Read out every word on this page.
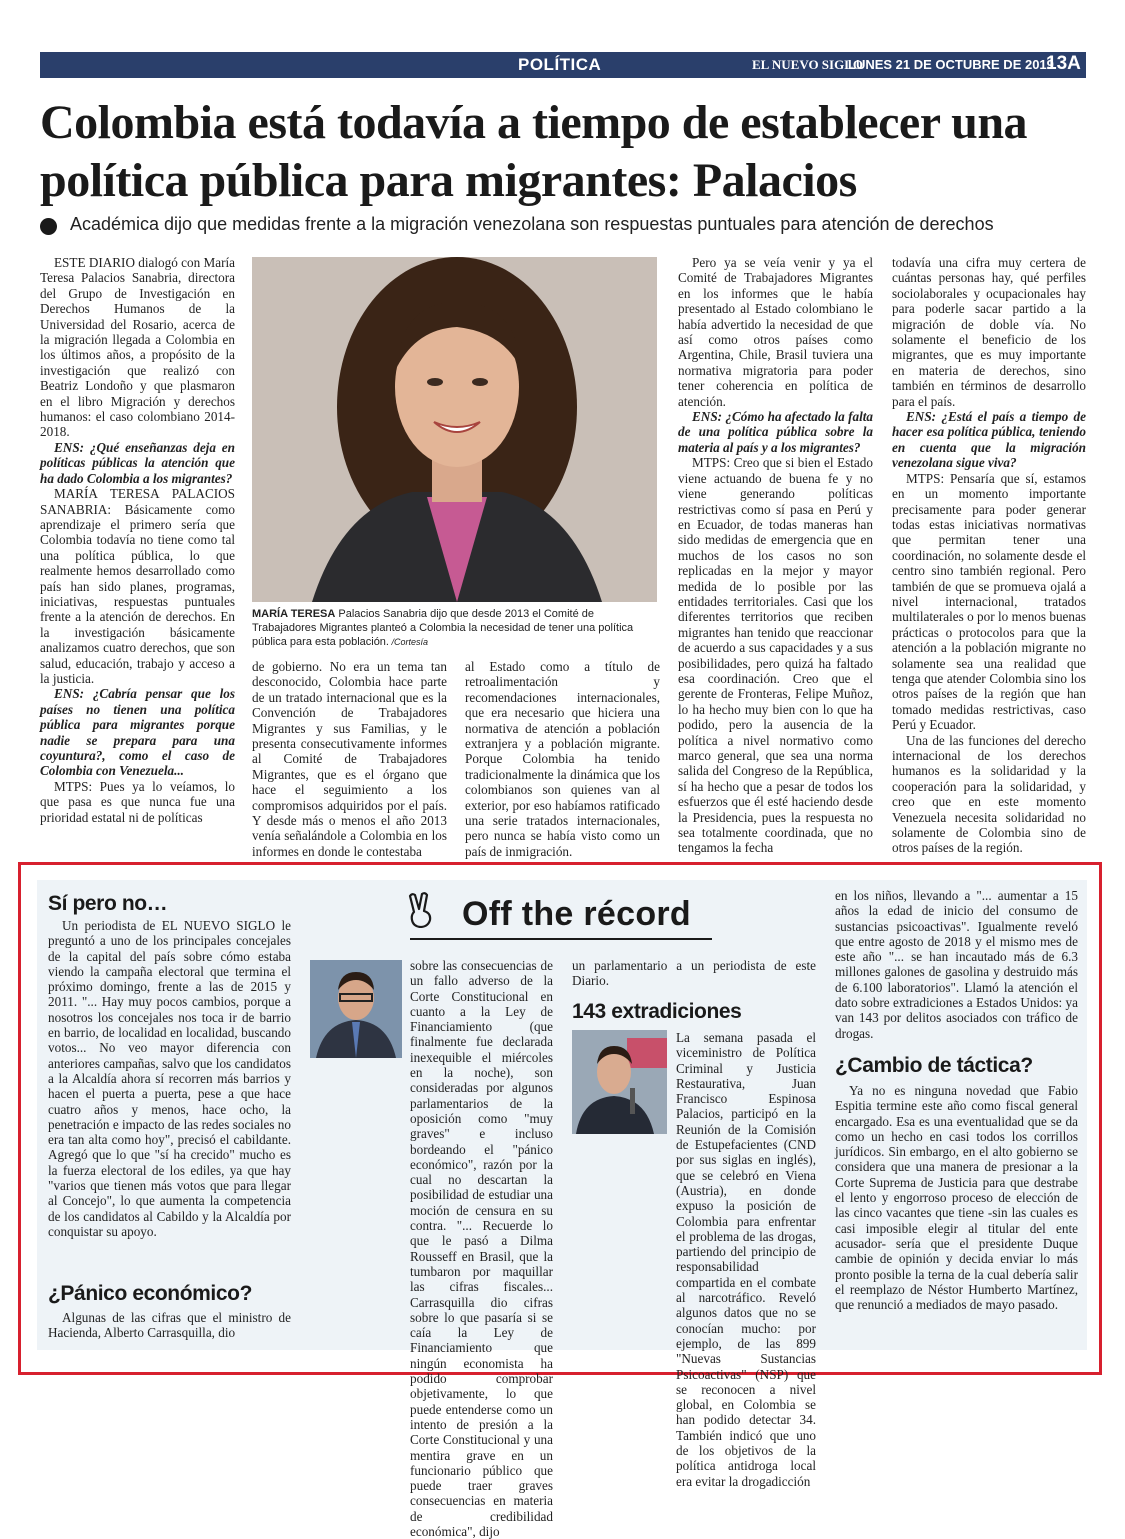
POLÍTICA	EL NUEVO SIGLO
LUNES 21 DE OCTUBRE DE 2019
13A
Colombia está todavía a tiempo de establecer una política pública para migrantes: Palacios
Académica dijo que medidas frente a la migración venezolana son respuestas puntuales para atención de derechos

ESTE DIARIO dialogó con María Teresa Palacios Sanabria, directora del Grupo de Investigación en Derechos Humanos de la Universidad del Rosario, acerca de la migración llegada a Colombia en los últimos años, a propósito de la investigación que realizó con Beatriz Londoño y que plasmaron en el libro Migración y derechos humanos: el caso colombiano 2014-2018.

ENS: ¿Qué enseñanzas deja en políticas públicas la atención que ha dado Colombia a los migrantes?

MARÍA TERESA PALACIOS SANABRIA: Básicamente como aprendizaje el primero sería que Colombia todavía no tiene como tal una política pública, lo que realmente hemos desarrollado como país han sido planes, programas, iniciativas, respuestas puntuales frente a la atención de derechos. En la investigación básicamente analizamos cuatro derechos, que son salud, educación, trabajo y acceso a la justicia.

ENS: ¿Cabría pensar que los países no tienen una política pública para migrantes porque nadie se prepara para una coyuntura?, como el caso de Colombia con Venezuela...

MTPS: Pues ya lo veíamos, lo que pasa es que nunca fue una prioridad estatal ni de políticas

MARÍA TERESA Palacios Sanabria dijo que desde 2013 el Comité de Trabajadores Migrantes planteó a Colombia la necesidad de tener una política pública para esta población. /Cortesía

de gobierno. No era un tema tan desconocido, Colombia hace parte de un tratado internacional que es la Convención de Trabajadores Migrantes y sus Familias, y le presenta consecutivamente informes al Comité de Trabajadores Migrantes, que es el órgano que hace el seguimiento a los compromisos adquiridos por el país. Y desde más o menos el año 2013 venía señalándole a Colombia en los informes en donde le contestaba

al Estado como a título de retroalimentación y recomendaciones internacionales, que era necesario que hiciera una normativa de atención a población extranjera y a población migrante. Porque Colombia ha tenido tradicionalmente la dinámica que los colombianos son quienes van al exterior, por eso habíamos ratificado una serie tratados internacionales, pero nunca se había visto como un país de inmigración.

Pero ya se veía venir y ya el Comité de Trabajadores Migrantes en los informes que le había presentado al Estado colombiano le había advertido la necesidad de que así como otros países como Argentina, Chile, Brasil tuviera una normativa migratoria para poder tener coherencia en política de atención.

ENS: ¿Cómo ha afectado la falta de una política pública sobre la materia al país y a los migrantes?

MTPS: Creo que si bien el Estado viene actuando de buena fe y no viene generando políticas restrictivas como sí pasa en Perú y en Ecuador, de todas maneras han sido medidas de emergencia que en muchos de los casos no son replicadas en la mejor y mayor medida de lo posible por las entidades territoriales. Casi que los diferentes territorios que reciben migrantes han tenido que reaccionar de acuerdo a sus capacidades y a sus posibilidades, pero quizá ha faltado esa coordinación. Creo que el gerente de Fronteras, Felipe Muñoz, lo ha hecho muy bien con lo que ha podido, pero la ausencia de la política a nivel normativo como marco general, que sea una norma salida del Congreso de la República, sí ha hecho que a pesar de todos los esfuerzos que él esté haciendo desde la Presidencia, pues la respuesta no sea totalmente coordinada, que no tengamos la fecha

todavía una cifra muy certera de cuántas personas hay, qué perfiles sociolaborales y ocupacionales hay para poderle sacar partido a la migración de doble vía. No solamente el beneficio de los migrantes, que es muy importante en materia de derechos, sino también en términos de desarrollo para el país.

ENS: ¿Está el país a tiempo de hacer esa política pública, teniendo en cuenta que la migración venezolana sigue viva?

MTPS: Pensaría que sí, estamos en un momento importante precisamente para poder generar todas estas iniciativas normativas que permitan tener una coordinación, no solamente desde el centro sino también regional. Pero también de que se promueva ojalá a nivel internacional, tratados multilaterales o por lo menos buenas prácticas o protocolos para que la atención a la población migrante no solamente sea una realidad que tenga que atender Colombia sino los otros países de la región que han tomado medidas restrictivas, caso Perú y Ecuador.

Una de las funciones del derecho internacional de los derechos humanos es la solidaridad y la cooperación para la solidaridad, y creo que en este momento Venezuela necesita solidaridad no solamente de Colombia sino de otros países de la región.

Off the récord
Sí pero no…

Un periodista de EL NUEVO SIGLO le preguntó a uno de los principales concejales de la capital del país sobre cómo estaba viendo la campaña electoral que termina el próximo domingo, frente a las de 2015 y 2011. "... Hay muy pocos cambios, porque a nosotros los concejales nos toca ir de barrio en barrio, de localidad en localidad, buscando votos... No veo mayor diferencia con anteriores campañas, salvo que los candidatos a la Alcaldía ahora sí recorren más barrios y hacen el puerta a puerta, pese a que hace cuatro años y menos, hace ocho, la penetración e impacto de las redes sociales no era tan alta como hoy", precisó el cabildante. Agregó que lo que "sí ha crecido" mucho es la fuerza electoral de los ediles, ya que hay "varios que tienen más votos que para llegar al Concejo", lo que aumenta la competencia de los candidatos al Cabildo y la Alcaldía por conquistar su apoyo.

¿Pánico económico?

Algunas de las cifras que el ministro de Hacienda, Alberto Carrasquilla, dio

sobre las consecuencias de un fallo adverso de la Corte Constitucional en cuanto a la Ley de Financiamiento (que finalmente fue declarada inexequible el miércoles en la noche), son consideradas por algunos parlamentarios de la oposición como "muy graves" e incluso bordeando el "pánico económico", razón por la cual no descartan la posibilidad de estudiar una moción de censura en su contra. "... Recuerde lo que le pasó a Dilma Rousseff en Brasil, que la tumbaron por maquillar las cifras fiscales... Carrasquilla dio cifras sobre lo que pasaría si se caía la Ley de Financiamiento que ningún economista ha podido comprobar objetivamente, lo que puede entenderse como un intento de presión a la Corte Constitucional y una mentira grave en un funcionario público que puede traer graves consecuencias en materia de credibilidad económica", dijo

un parlamentario a un periodista de este Diario.

143 extradiciones

La semana pasada el viceministro de Política Criminal y Justicia Restaurativa, Juan Francisco Espinosa Palacios, participó en la Reunión de la Comisión de Estupefacientes (CND por sus siglas en inglés), que se celebró en Viena (Austria), en donde expuso la posición de Colombia para enfrentar el problema de las drogas, partiendo del principio de responsabilidad compartida en el combate al narcotráfico. Reveló algunos datos que no se conocían mucho: por ejemplo, de las 899 "Nuevas Sustancias Psicoactivas" (NSP) que se reconocen a nivel global, en Colombia se han podido detectar 34. También indicó que uno de los objetivos de la política antidroga local era evitar la drogadicción

en los niños, llevando a "... aumentar a 15 años la edad de inicio del consumo de sustancias psicoactivas". Igualmente reveló que entre agosto de 2018 y el mismo mes de este año "... se han incautado más de 6.3 millones galones de gasolina y destruido más de 6.100 laboratorios". Llamó la atención el dato sobre extradiciones a Estados Unidos: ya van 143 por delitos asociados con tráfico de drogas.

¿Cambio de táctica?

Ya no es ninguna novedad que Fabio Espitia termine este año como fiscal general encargado. Esa es una eventualidad que se da como un hecho en casi todos los corrillos jurídicos. Sin embargo, en el alto gobierno se considera que una manera de presionar a la Corte Suprema de Justicia para que destrabe el lento y engorroso proceso de elección de las cinco vacantes que tiene -sin las cuales es casi imposible elegir al titular del ente acusador- sería que el presidente Duque cambie de opinión y decida enviar lo más pronto posible la terna de la cual debería salir el reemplazo de Néstor Humberto Martínez, que renunció a mediados de mayo pasado.
